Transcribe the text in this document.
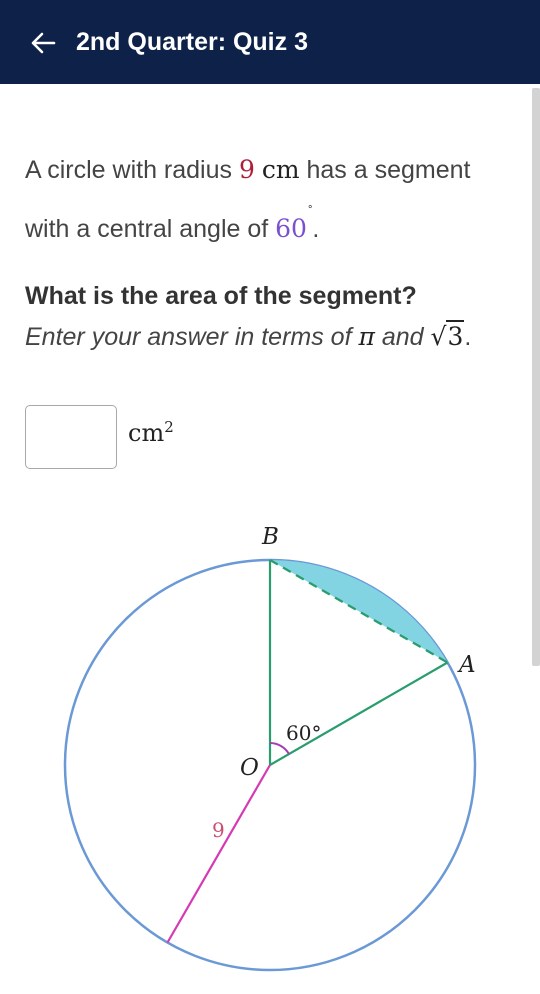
2nd Quarter: Quiz 3
A circle with radius 9 cm has a segment with a central angle of 60°.
What is the area of the segment?
Enter your answer in terms of π and √3.
$cm^2$
B
A
O
60°
9
